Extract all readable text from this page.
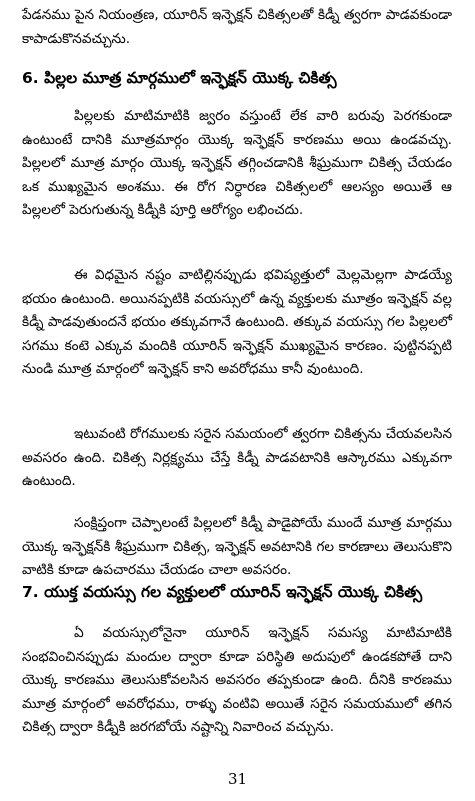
పేడనము పైన నియంత్రణ, యూరిన్ ఇన్ఫెక్షన్ చికిత్సలతో కిడ్నీ త్వరగా పాడవకుండా కాపాడుకొనవచ్చును.

6. పిల్లల మూత్ర మార్గములో ఇన్ఫెక్షన్ యొక్క చికిత్స

పిల్లలకు మాటిమాటికి జ్వరం వస్తుంటే లేక వారి బరువు పెరగకుండా ఉంటుంటే దానికి మూత్రమార్గం యొక్క ఇన్ఫెక్షన్ కారణము అయి ఉండవచ్చు. పిల్లలలో మూత్ర మార్గం యొక్క ఇన్ఫెక్షన్ తగ్గించడానికి శీఘ్రముగా చికిత్స చేయడం ఒక ముఖ్యమైన అంశము. ఈ రోగ నిర్ధారణ చికిత్సలలో ఆలస్యం అయితే ఆ పిల్లలలో పెరుగుతున్న కిడ్నీకి పూర్తి ఆరోగ్యం లభించదు.

ఈ విధమైన నష్టం వాటిల్లినప్పుడు భవిష్యత్తులో మెల్లమెల్లగా పాడయ్యే భయం ఉంటుంది. అయినప్పటికి వయస్సులో ఉన్న వ్యక్తులకు మూత్రం ఇన్ఫెక్షన్ వల్ల కిడ్నీ పాడవుతుందనే భయం తక్కువగానే ఉంటుంది. తక్కువ వయస్సు గల పిల్లలలో సగము కంటె ఎక్కువ మందికి యూరిన్ ఇన్ఫెక్షన్ ముఖ్యమైన కారణం. పుట్టినప్పటి నుండి మూత్ర మార్గంలో ఇన్ఫెక్షన్ కాని అవరోధము కానీ వుంటుంది.

ఇటువంటి రోగములకు సరైన సమయంలో త్వరగా చికిత్సను చేయవలసిన అవసరం ఉంది. చికిత్స నిర్లక్ష్యము చేస్తే కిడ్నీ పాడవటానికి ఆస్కారము ఎక్కువగా ఉంటుంది.

సంక్షిప్తంగా చెప్పాలంటే పిల్లలలో కిడ్నీ పాడైపోయే ముందే మూత్ర మార్గము యొక్క ఇన్ఫెక్షన్‌కి శీఘ్రముగా చికిత్స, ఇన్ఫెక్షన్ అవటానికి గల కారణాలు తెలుసుకొని వాటికి కూడా ఉపచారము చేయడం చాలా అవసరం.

7. యుక్త వయస్సు గల వ్యక్తులలో యూరిన్ ఇన్ఫెక్షన్ యొక్క చికిత్స

ఏ వయస్సులోనైనా యూరిన్ ఇన్ఫెక్షన్ సమస్య మాటిమాటికి సంభవించినప్పుడు మందుల ద్వారా కూడా పరిస్థితి అదుపులో ఉండకపోతే దాని యొక్క కారణము తెలుసుకోవలసిన అవసరం తప్పకుండా ఉంది. దీనికి కారణము మూత్ర మార్గంలో అవరోధము, రాళ్ళు వంటివి అయితే సరైన సమయములో తగిన చికిత్స ద్వారా కిడ్నీకి జరగబోయే నష్టాన్ని నివారించ వచ్చును.

31
